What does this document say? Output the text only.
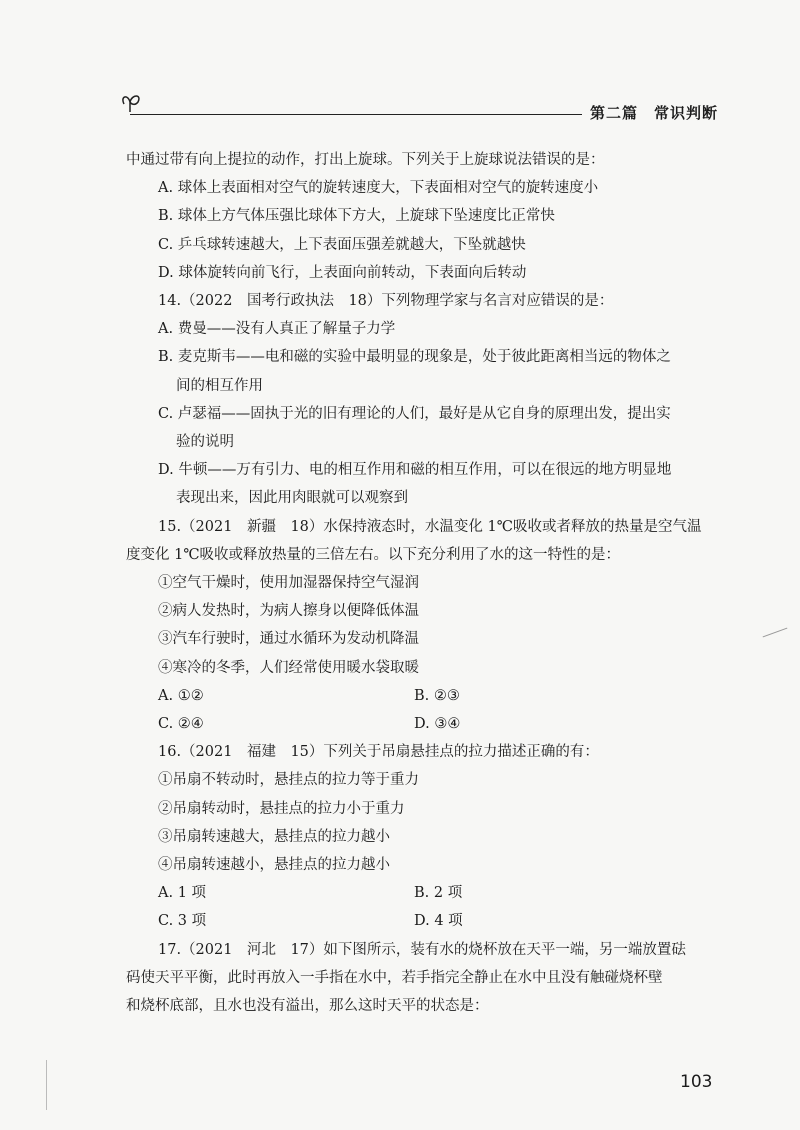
第二篇　常识判断
中通过带有向上提拉的动作，打出上旋球。下列关于上旋球说法错误的是：
A. 球体上表面相对空气的旋转速度大，下表面相对空气的旋转速度小
B. 球体上方气体压强比球体下方大，上旋球下坠速度比正常快
C. 乒乓球转速越大，上下表面压强差就越大，下坠就越快
D. 球体旋转向前飞行，上表面向前转动，下表面向后转动
14.（2022　国考行政执法　18）下列物理学家与名言对应错误的是：
A. 费曼——没有人真正了解量子力学
B. 麦克斯韦——电和磁的实验中最明显的现象是，处于彼此距离相当远的物体之
间的相互作用
C. 卢瑟福——固执于光的旧有理论的人们，最好是从它自身的原理出发，提出实
验的说明
D. 牛顿——万有引力、电的相互作用和磁的相互作用，可以在很远的地方明显地
表现出来，因此用肉眼就可以观察到
15.（2021　新疆　18）水保持液态时，水温变化 1℃吸收或者释放的热量是空气温
度变化 1℃吸收或释放热量的三倍左右。以下充分利用了水的这一特性的是：
①空气干燥时，使用加湿器保持空气湿润
②病人发热时，为病人擦身以便降低体温
③汽车行驶时，通过水循环为发动机降温
④寒冷的冬季，人们经常使用暖水袋取暖
A. ①②	B. ②③
C. ②④	D. ③④
16.（2021　福建　15）下列关于吊扇悬挂点的拉力描述正确的有：
①吊扇不转动时，悬挂点的拉力等于重力
②吊扇转动时，悬挂点的拉力小于重力
③吊扇转速越大，悬挂点的拉力越小
④吊扇转速越小，悬挂点的拉力越小
A. 1 项	B. 2 项
C. 3 项	D. 4 项
17.（2021　河北　17）如下图所示，装有水的烧杯放在天平一端，另一端放置砝
码使天平平衡，此时再放入一手指在水中，若手指完全静止在水中且没有触碰烧杯壁
和烧杯底部，且水也没有溢出，那么这时天平的状态是：
103
